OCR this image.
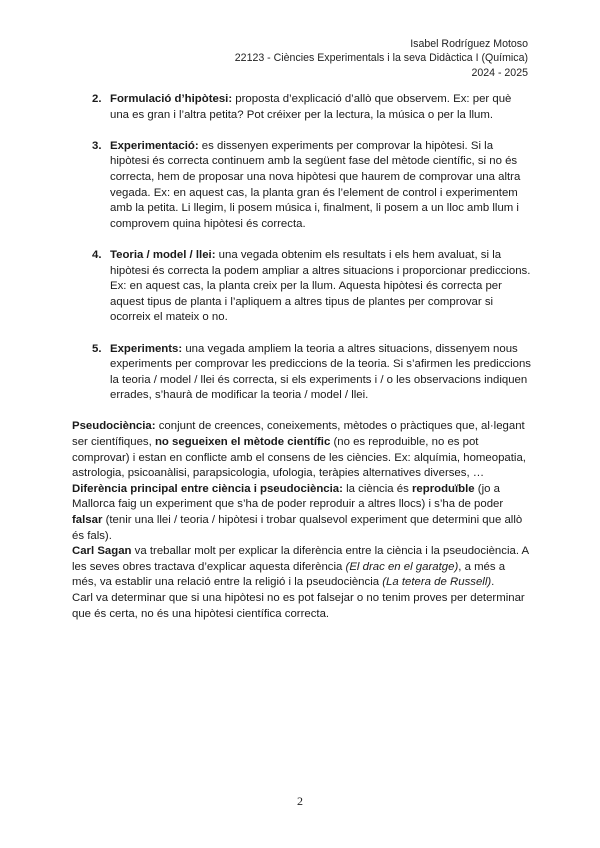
Isabel Rodríguez Motoso
22123 - Ciències Experimentals i la seva Didàctica I (Química)
2024 - 2025
2. Formulació d’hipòtesi: proposta d’explicació d’allò que observem. Ex: per què una es gran i l’altra petita? Pot créixer per la lectura, la música o per la llum.
3. Experimentació: es dissenyen experiments per comprovar la hipòtesi. Si la hipòtesi és correcta continuem amb la següent fase del mètode científic, si no és correcta, hem de proposar una nova hipòtesi que haurem de comprovar una altra vegada. Ex: en aquest cas, la planta gran és l’element de control i experimentem amb la petita. Li llegim, li posem música i, finalment, li posem a un lloc amb llum i comprovem quina hipòtesi és correcta.
4. Teoria / model / llei: una vegada obtenim els resultats i els hem avaluat, si la hipòtesi és correcta la podem ampliar a altres situacions i proporcionar prediccions. Ex: en aquest cas, la planta creix per la llum. Aquesta hipòtesi és correcta per aquest tipus de planta i l’apliquem a altres tipus de plantes per comprovar si ocorreix el mateix o no.
5. Experiments: una vegada ampliem la teoria a altres situacions, dissenyem nous experiments per comprovar les prediccions de la teoria. Si s’afirmen les prediccions la teoria / model / llei és correcta, si els experiments i / o les observacions indiquen errades, s’haurà de modificar la teoria / model / llei.

Pseudociència: conjunt de creences, coneixements, mètodes o pràctiques que, al·legant ser científiques, no segueixen el mètode científic (no es reproduible, no es pot comprovar) i estan en conflicte amb el consens de les ciències. Ex: alquímia, homeopatia, astrologia, psicoanàlisi, parapsicologia, ufologia, teràpies alternatives diverses, …

Diferència principal entre ciència i pseudociència: la ciència és reproduïble (jo a Mallorca faig un experiment que s’ha de poder reproduir a altres llocs) i s’ha de poder falsar (tenir una llei / teoria / hipòtesi i trobar qualsevol experiment que determini que allò és fals).

Carl Sagan va treballar molt per explicar la diferència entre la ciència i la pseudociència. A les seves obres tractava d’explicar aquesta diferència (El drac en el garatge), a més a més, va establir una relació entre la religió i la pseudociència (La tetera de Russell).

Carl va determinar que si una hipòtesi no es pot falsejar o no tenim proves per determinar que és certa, no és una hipòtesi científica correcta.

2
